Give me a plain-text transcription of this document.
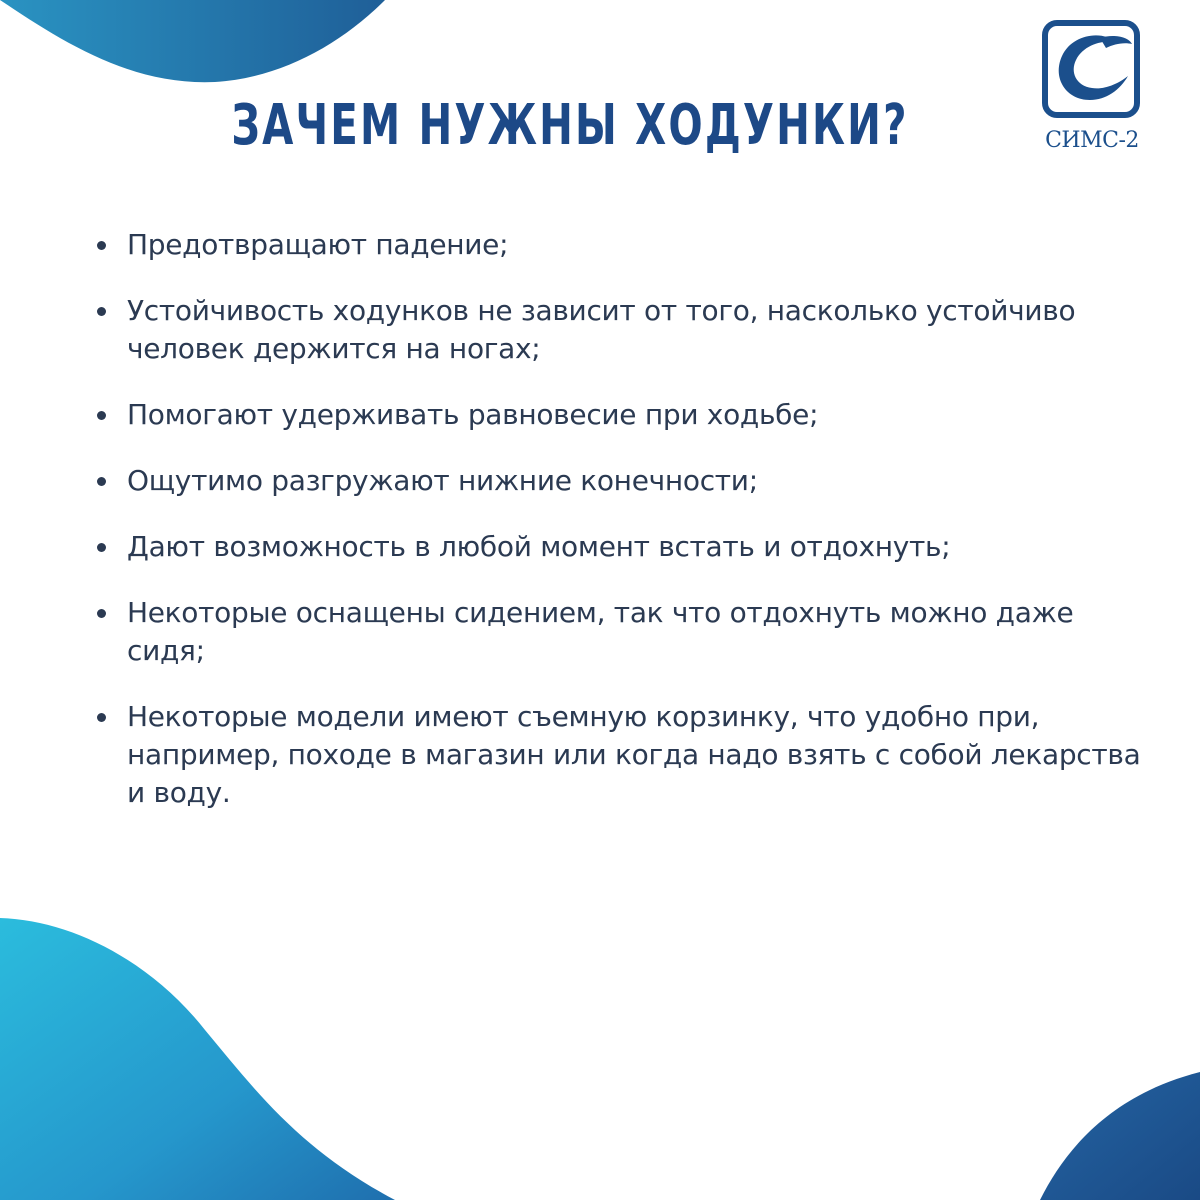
СИМС-2
ЗАЧЕМ НУЖНЫ ХОДУНКИ?
Предотвращают падение;
Устойчивость ходунков не зависит от того, насколько устойчиво человек держится на ногах;
Помогают удерживать равновесие при ходьбе;
Ощутимо разгружают нижние конечности;
Дают возможность в любой момент встать и отдохнуть;
Некоторые оснащены сидением, так что отдохнуть можно даже сидя;
Некоторые модели имеют съемную корзинку, что удобно при, например, походе в магазин или когда надо взять с собой лекарства и воду.
